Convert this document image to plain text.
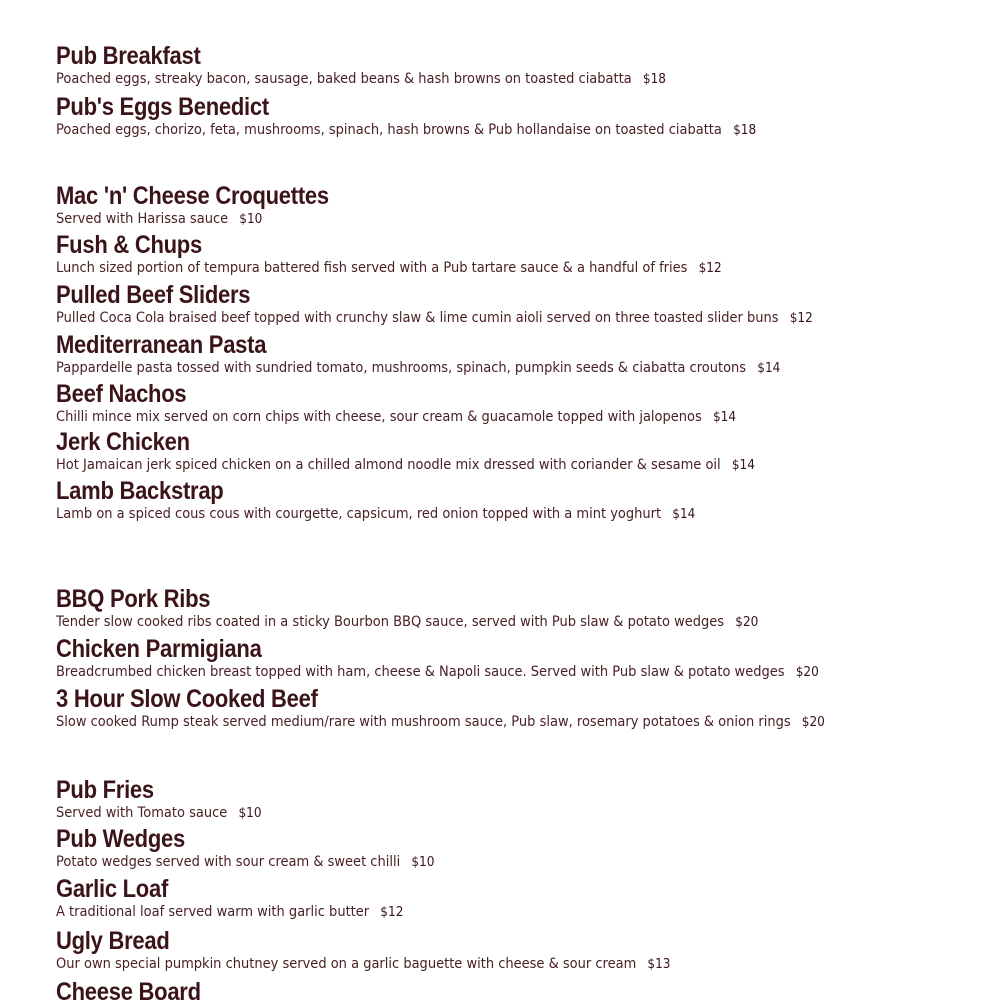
Pub Breakfast
Poached eggs, streaky bacon, sausage, baked beans & hash browns on toasted ciabatta $18
Pub's Eggs Benedict
Poached eggs, chorizo, feta, mushrooms, spinach, hash browns & Pub hollandaise on toasted ciabatta $18
Mac 'n' Cheese Croquettes
Served with Harissa sauce $10
Fush & Chups
Lunch sized portion of tempura battered fish served with a Pub tartare sauce & a handful of fries $12
Pulled Beef Sliders
Pulled Coca Cola braised beef topped with crunchy slaw & lime cumin aioli served on three toasted slider buns $12
Mediterranean Pasta
Pappardelle pasta tossed with sundried tomato, mushrooms, spinach, pumpkin seeds & ciabatta croutons $14
Beef Nachos
Chilli mince mix served on corn chips with cheese, sour cream & guacamole topped with jalopenos $14
Jerk Chicken
Hot Jamaican jerk spiced chicken on a chilled almond noodle mix dressed with coriander & sesame oil $14
Lamb Backstrap
Lamb on a spiced cous cous with courgette, capsicum, red onion topped with a mint yoghurt $14
BBQ Pork Ribs
Tender slow cooked ribs coated in a sticky Bourbon BBQ sauce, served with Pub slaw & potato wedges $20
Chicken Parmigiana
Breadcrumbed chicken breast topped with ham, cheese & Napoli sauce. Served with Pub slaw & potato wedges $20
3 Hour Slow Cooked Beef
Slow cooked Rump steak served medium/rare with mushroom sauce, Pub slaw, rosemary potatoes & onion rings $20
Pub Fries
Served with Tomato sauce $10
Pub Wedges
Potato wedges served with sour cream & sweet chilli $10
Garlic Loaf
A traditional loaf served warm with garlic butter $12
Ugly Bread
Our own special pumpkin chutney served on a garlic baguette with cheese & sour cream $13
Cheese Board
